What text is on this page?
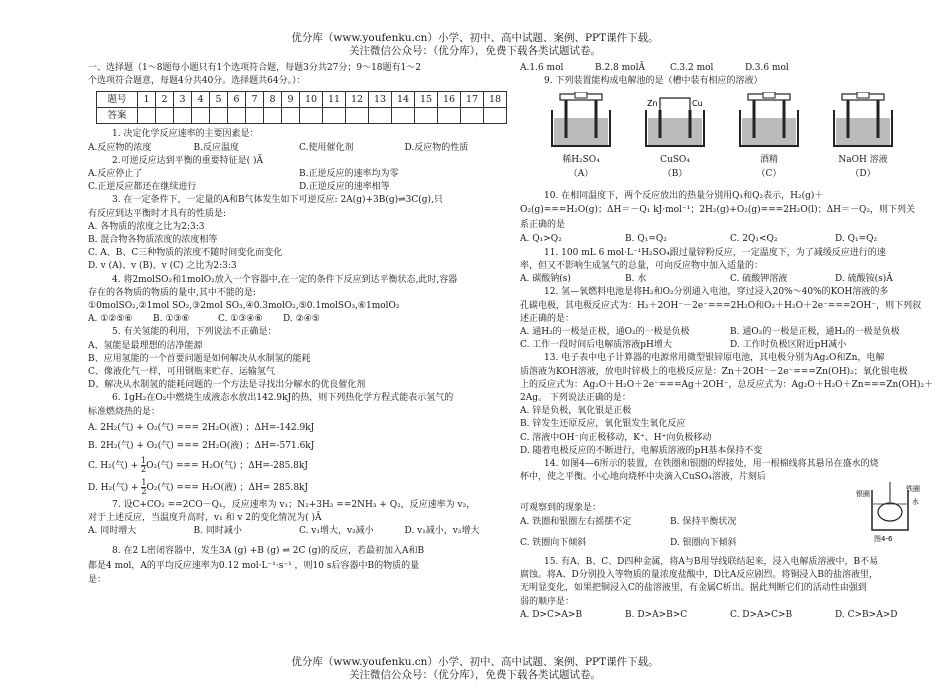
优分库（www.youfenku.cn）小学、初中、高中试题、案例、PPT课件下载。
关注微信公众号：（优分库），免费下载各类试题试卷。

一、选择题（1～8题每小题只有1个选项符合题，每题3分共27分；9～18题有1～2

个选项符合题意，每题4分共40分。选择题共64分。）：

题号	1	2	3	4	5	6	7	8	9	10	11	12	13	14	15	16	17	18
答案																		

1. 决定化学反应速率的主要因素是：

A.反应物的浓度	B.反应温度	C.使用催化剂	D.反应物的性质

2.可逆反应达到平衡的重要特征是( )Ā

A.反应停止了	B.正逆反应的速率均为零
C.正逆反应都还在继续进行	D.正逆反应的速率相等

3. 在一定条件下，一定量的A和B气体发生如下可逆反应: 2A(g)+3B(g)⇌3C(g),只

有反应到达平衡时才具有的性质是:

A. 各物质的浓度之比为2:3:3

B. 混合物各物质浓度的浓度相等

C. A、B、C三种物质的浓度不随时间变化而变化

D. v (A)、v (B)、v (C) 之比为2:3:3

4. 将2molSO₂和1molO₂放入一个容器中,在一定的条件下反应到达平衡状态,此时,容器

存在的各物质的物质的量中,其中不能的是:

①0molSO₂,②1mol SO₂,③2mol SO₃,④0.3molO₂,⑤0.1molSO₃,⑥1molO₂

A. ①②⑤⑥	B. ①③⑥	C. ①③④⑥	D. ②④⑤

5. 有关氢能的利用，下列说法不正确是：

A、氢能是最理想的洁净能源

B、应用氢能的一个首要问题是如何解决从水制氢的能耗

C、像液化气一样，可用钢瓶来贮存、运输氢气

D、解决从水制氢的能耗问题的一个方法是寻找出分解水的优良催化剂

6. 1gH₂在O₂中燃烧生成液态水放出142.9kJ的热，则下列热化学方程式能表示氢气的

标准燃烧热的是：

A. 2H₂(气) + O₂(气) === 2H₂O(液) ；ΔH=-142.9kJ

B. 2H₂(气) + O₂(气) === 2H₂O(液) ；ΔH=-571.6kJ

C. H₂(气) + $\frac{1}{2} O_2$(气) === H₂O(气) ；ΔH=-285.8kJ

D. H₂(气) + $\frac{1}{2} O_2$(气) === H₂O(液) ；ΔH= 285.8kJ

7. 设C+CO₂ ==2CO－Q₁，反应速率为 v₁；N₂+3H₂ ==2NH₃ + Q₂，反应速率为 v₂，

对于上述反应，当温度升高时，v₁ 和 v 2的变化情况为( )Ā

A. 同时增大	B. 同时减小	C. v₁增大，v₂减小	D. v₁减小，v₂增大

8. 在2 L密闭容器中，发生3A (g) +B (g) ⇌ 2C (g)的反应，若最初加入A和B

都是4 mol，A的平均反应速率为0.12 mol·L⁻¹·s⁻¹ ，则10 s后容器中B的物质的量

是：

A.1.6 mol	B.2.8 molĀ	C.3.2 mol	D.3.6 mol

9. 下列装置能构成电解池的是（槽中装有相应的溶液）

稀H₂SO₄
（A）
Zn	Cu
CuSO₄
（B）
酒精
（C）
NaOH 溶液
（D）

10. 在相同温度下，两个反应放出的热量分别用Q₁和Q₂表示，H₂(g)＋

O₂(g)===H₂O(g)；ΔH＝－Q₁ kJ·mol⁻¹；2H₂(g)+O₂(g)===2H₂O(l)；ΔH＝－Q₂，则下列关

系正确的是

A. Q₁>Q₂	B. Q₁=Q₂	C. 2Q₁<Q₂	D. Q₁=Q₂

11. 100 mL 6 mol·L⁻¹H₂SO₄跟过量锌粉反应，一定温度下，为了减缓反应进行的速

率，但又不影响生成氢气的总量，可向反应物中加入适量的：

A. 碳酸钠(s)	B. 水	C. 硫酸钾溶液	D. 硫酸铵(s)Ā

12. 氢—氧燃料电池是将H₂和O₂分别通入电池，穿过浸入20%～40%的KOH溶液的多

孔碳电极，其电极反应式为：H₂＋2OH⁻－2e⁻===2H₂O和O₂＋H₂O＋2e⁻===2OH⁻，则下列叙

述正确的是：

A. 通H₂的一极是正极，通O₂的一极是负极	B. 通O₂的一极是正极，通H₂的一极是负极
C. 工作一段时间后电解质溶液pH增大	D. 工作时负极区附近pH减小

13. 电子表中电子计算器的电源常用微型银锌原电池，其电极分别为Ag₂O和Zn，电解

质溶液为KOH溶液，放电时锌极上的电极反应是：Zn＋2OH⁻－2e⁻===Zn(OH)₂；氧化银电极

上的反应式为：Ag₂O＋H₂O＋2e⁻===Ag＋2OH⁻，总反应式为：Ag₂O＋H₂O＋Zn===Zn(OH)₂＋

2Ag。 下列说法正确的是：

A. 锌是负极，氧化银是正极

B. 锌发生还原反应，氧化银发生氧化反应

C. 溶液中OH⁻向正极移动，K⁺、H⁺向负极移动

D. 随着电极反应的不断进行，电解质溶液的pH基本保持不变

14. 如图4—6所示的装置，在铁圈和银圈的焊接处，用一根棉线将其悬吊在盛水的烧

杯中，使之平衡。小心地向烧杯中央滴入CuSO₄溶液，片刻后

可观察到的现象是：

A. 铁圈和银圈左右摇摆不定	B. 保持平衡状况
C. 铁圈向下倾斜	D. 银圈向下倾斜
银圈
铁圈
水
图4-6

15. 有A、B、C、D四种金属，将A与B用导线联结起来，浸入电解质溶液中，B不易

腐蚀。将A、D分别投入等物质的量浓度盐酸中，D比A反应剧烈。将铜浸入B的盐溶液里，

无明显变化，如果把铜浸入C的盐溶液里，有金属C析出。据此判断它们的活动性由强到

弱的顺序是：

A. D>C>A>B	B. D>A>B>C	C. D>A>C>B	D. C>B>A>D
优分库（www.youfenku.cn）小学、初中、高中试题、案例、PPT课件下载。
关注微信公众号：（优分库），免费下载各类试题试卷。
